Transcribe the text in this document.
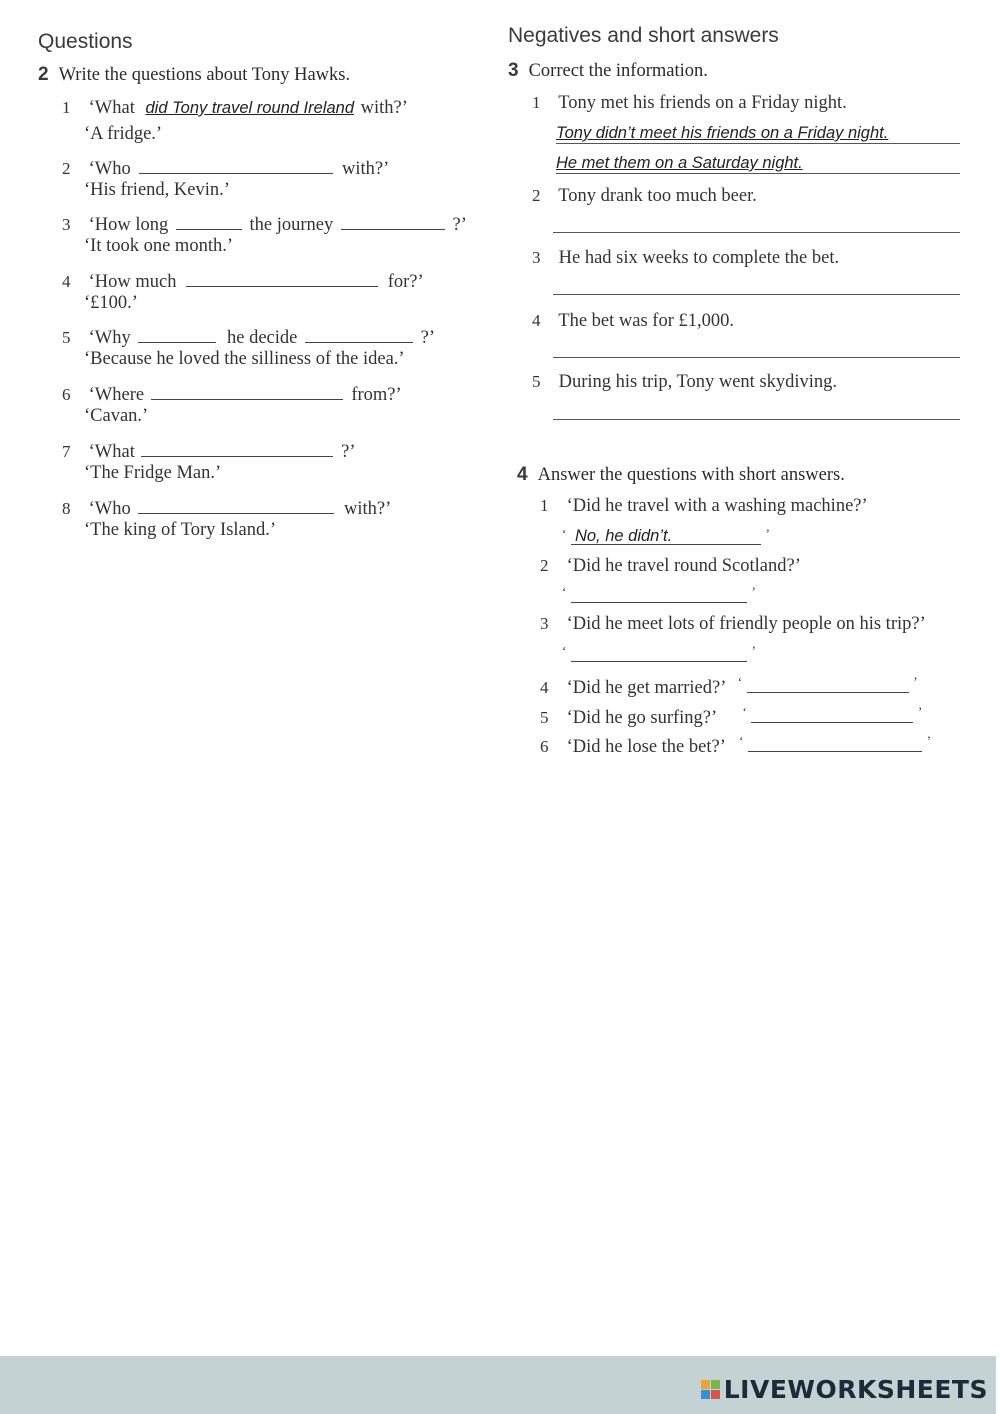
Questions
2 Write the questions about Tony Hawks.
1 ‘What did Tony travel round Ireland with?’
‘A fridge.’
2 ‘Who	with?’
‘His friend, Kevin.’
3 ‘How long	the journey	?’
‘It took one month.’
4 ‘How much	for?’
‘£100.’
5 ‘Why	he decide	?’
‘Because he loved the silliness of the idea.’
6 ‘Where	from?’
‘Cavan.’
7 ‘What	?’
‘The Fridge Man.’
8 ‘Who	with?’
‘The king of Tory Island.’
Negatives and short answers
3 Correct the information.
1 Tony met his friends on a Friday night.
Tony didn’t meet his friends on a Friday night.
He met them on a Saturday night.
2 Tony drank too much beer.
3 He had six weeks to complete the bet.
4 The bet was for £1,000.
5 During his trip, Tony went skydiving.
4 Answer the questions with short answers.
1 ‘Did he travel with a washing machine?’
‘ No, he didn’t.	’
2 ‘Did he travel round Scotland?’
‘	’
3 ‘Did he meet lots of friendly people on his trip?’
‘	’
4 ‘Did he get married?’ ‘	’
5 ‘Did he go surfing?’ ‘	’
6 ‘Did he lose the bet?’ ‘	’
LIVEWORKSHEETS
